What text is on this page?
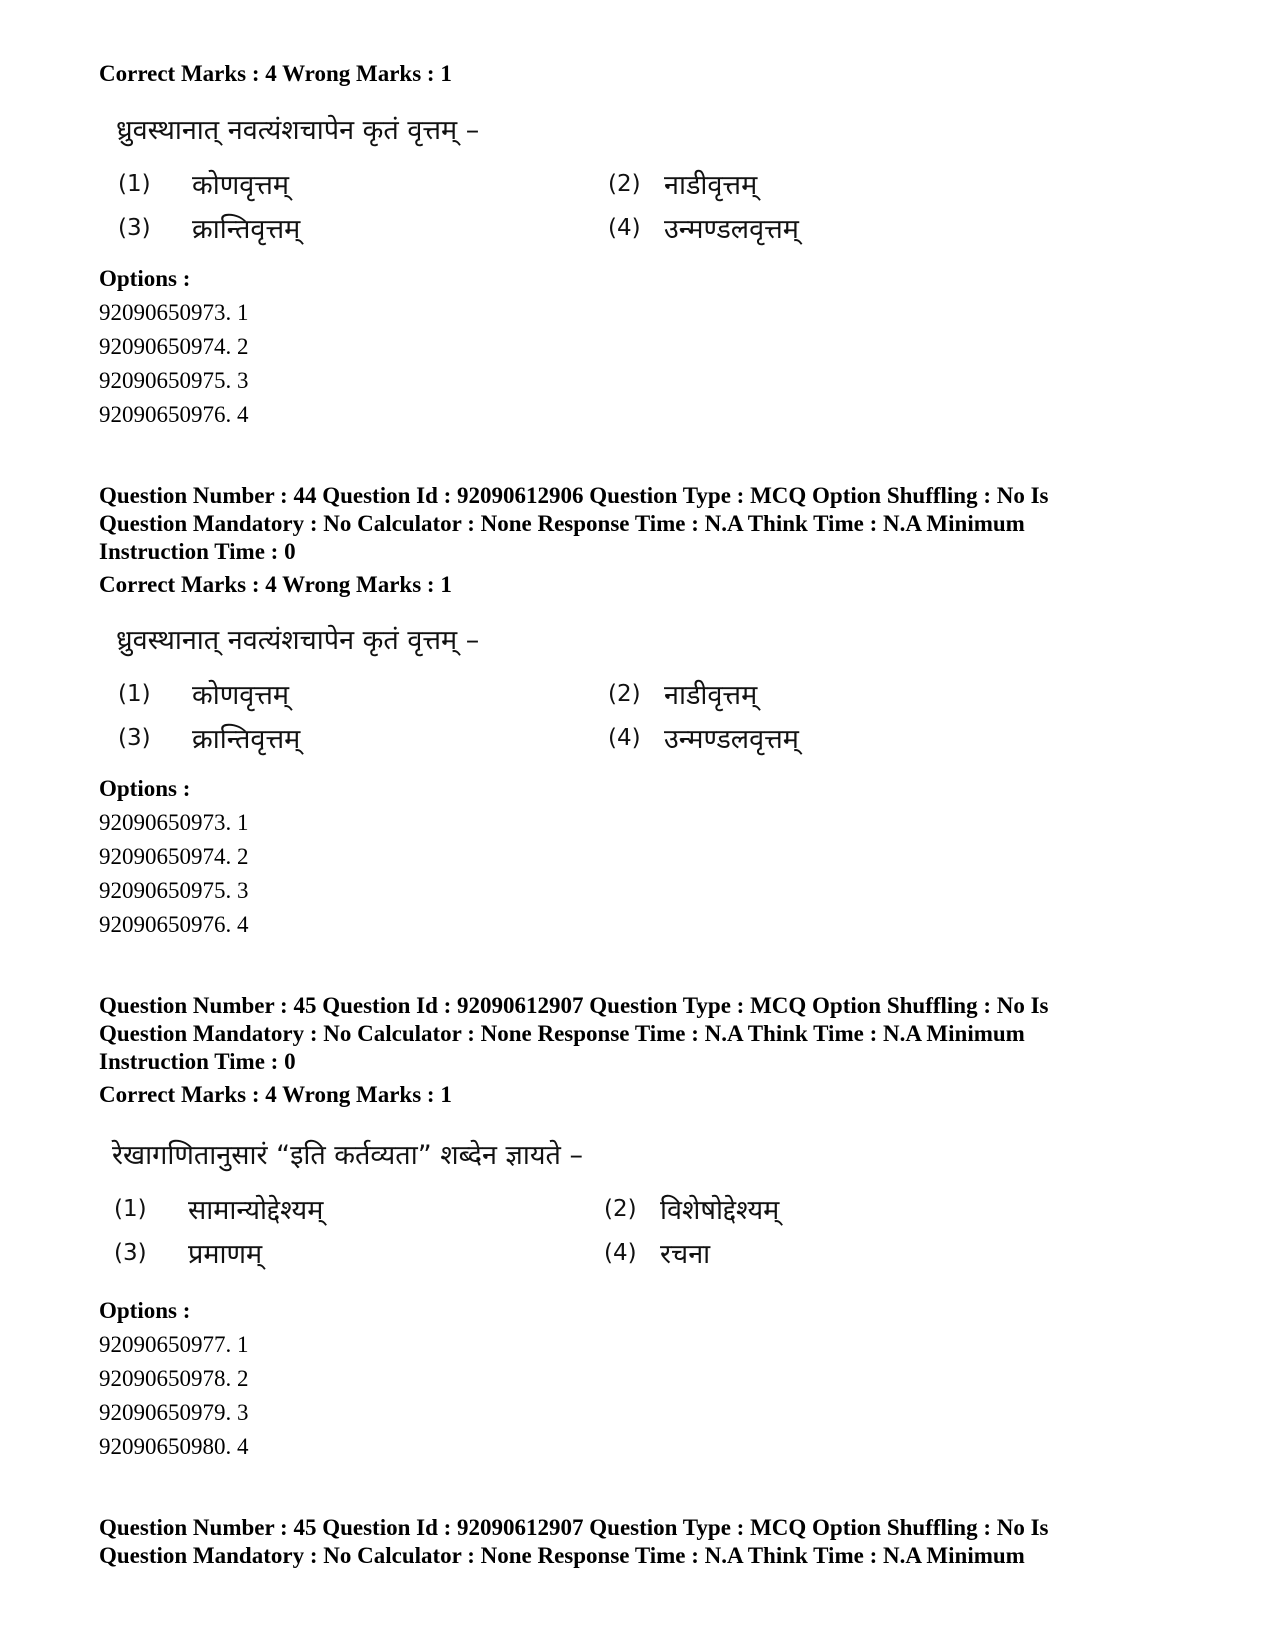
Correct Marks : 4 Wrong Marks : 1
ध्रुवस्थानात् नवत्यंशचापेन कृतं वृत्तम् –
(1) कोणवृत्तम्	(2) नाडीवृत्तम्
(3) क्रान्तिवृत्तम्	(4) उन्मण्डलवृत्तम्
Options :
92090650973. 1
92090650974. 2
92090650975. 3
92090650976. 4
Question Number : 44 Question Id : 92090612906 Question Type : MCQ Option Shuffling : No Is
Question Mandatory : No Calculator : None Response Time : N.A Think Time : N.A Minimum
Instruction Time : 0
Correct Marks : 4 Wrong Marks : 1
ध्रुवस्थानात् नवत्यंशचापेन कृतं वृत्तम् –
(1) कोणवृत्तम्	(2) नाडीवृत्तम्
(3) क्रान्तिवृत्तम्	(4) उन्मण्डलवृत्तम्
Options :
92090650973. 1
92090650974. 2
92090650975. 3
92090650976. 4
Question Number : 45 Question Id : 92090612907 Question Type : MCQ Option Shuffling : No Is
Question Mandatory : No Calculator : None Response Time : N.A Think Time : N.A Minimum
Instruction Time : 0
Correct Marks : 4 Wrong Marks : 1
रेखागणितानुसारं “इति कर्तव्यता” शब्देन ज्ञायते –
(1) सामान्योद्देश्यम्	(2) विशेषोद्देश्यम्
(3) प्रमाणम्	(4) रचना
Options :
92090650977. 1
92090650978. 2
92090650979. 3
92090650980. 4
Question Number : 45 Question Id : 92090612907 Question Type : MCQ Option Shuffling : No Is
Question Mandatory : No Calculator : None Response Time : N.A Think Time : N.A Minimum
